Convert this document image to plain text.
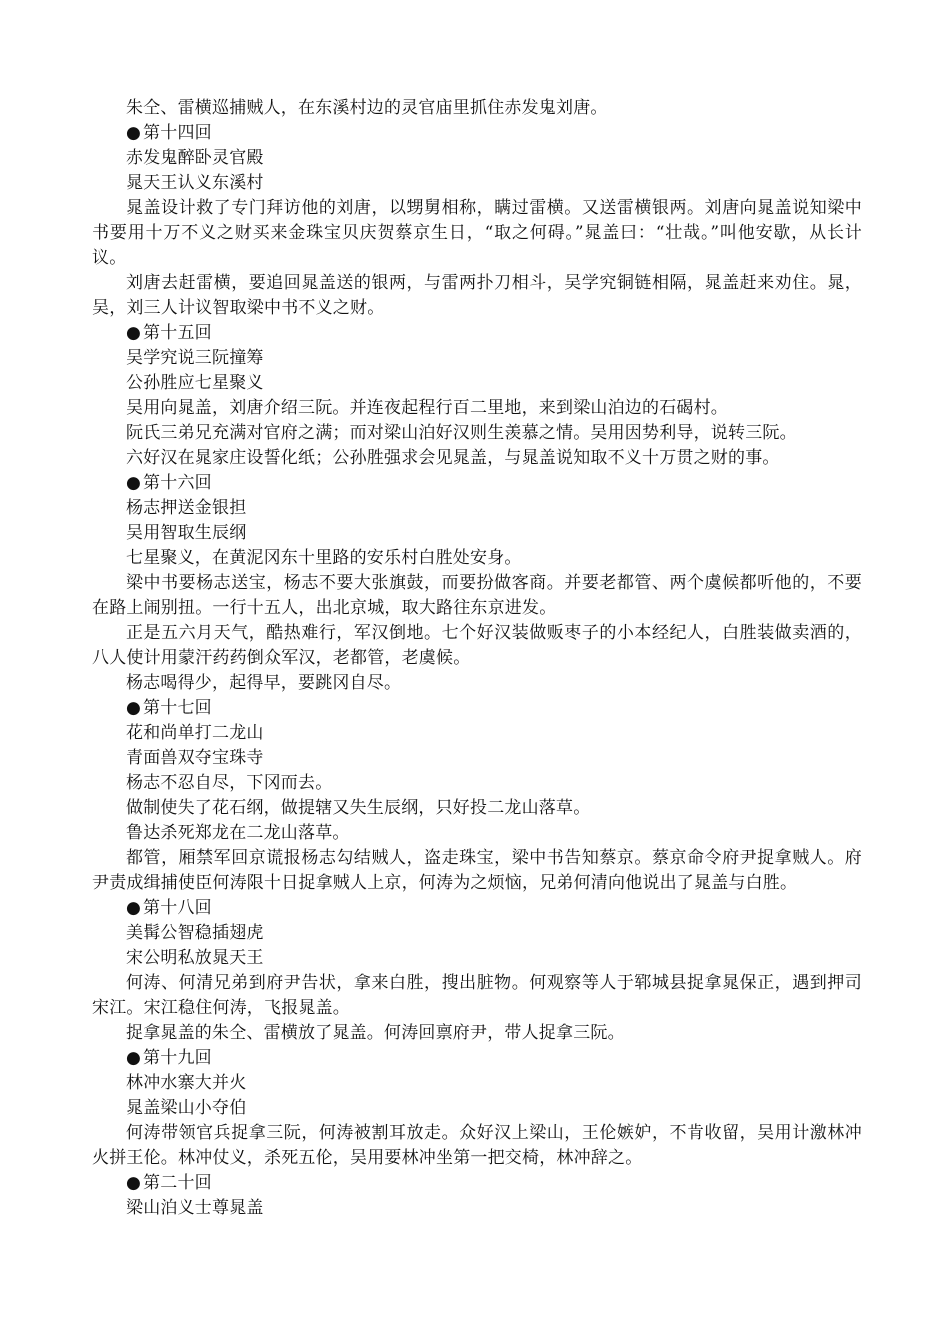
朱仝、雷横巡捕贼人，在东溪村边的灵官庙里抓住赤发鬼刘唐。

● 第十四回

赤发鬼醉卧灵官殿

晁天王认义东溪村

晁盖设计救了专门拜访他的刘唐，以甥舅相称，瞒过雷横。又送雷横银两。刘唐向晁盖说知梁中书要用十万不义之财买来金珠宝贝庆贺蔡京生日，“取之何碍。”晁盖曰：“壮哉。”叫他安歇，从长计议。

刘唐去赶雷横，要追回晁盖送的银两，与雷两扑刀相斗，吴学究铜链相隔，晁盖赶来劝住。晁，吴，刘三人计议智取梁中书不义之财。

● 第十五回

吴学究说三阮撞筹

公孙胜应七星聚义

吴用向晁盖，刘唐介绍三阮。并连夜起程行百二里地，来到梁山泊边的石碣村。

阮氏三弟兄充满对官府之满；而对梁山泊好汉则生羡慕之情。吴用因势利导，说转三阮。

六好汉在晁家庄设誓化纸；公孙胜强求会见晁盖，与晁盖说知取不义十万贯之财的事。

● 第十六回

杨志押送金银担

吴用智取生辰纲

七星聚义，在黄泥冈东十里路的安乐村白胜处安身。

梁中书要杨志送宝，杨志不要大张旗鼓，而要扮做客商。并要老都管、两个虞候都听他的，不要在路上闹别扭。一行十五人，出北京城，取大路往东京进发。

正是五六月天气，酷热难行，军汉倒地。七个好汉装做贩枣子的小本经纪人，白胜装做卖酒的，八人使计用蒙汗药药倒众军汉，老都管，老虞候。

杨志喝得少，起得早，要跳冈自尽。

● 第十七回

花和尚单打二龙山

青面兽双夺宝珠寺

杨志不忍自尽，下冈而去。

做制使失了花石纲，做提辖又失生辰纲，只好投二龙山落草。

鲁达杀死郑龙在二龙山落草。

都管，厢禁军回京谎报杨志勾结贼人，盗走珠宝，梁中书告知蔡京。蔡京命令府尹捉拿贼人。府尹责成缉捕使臣何涛限十日捉拿贼人上京，何涛为之烦恼，兄弟何清向他说出了晁盖与白胜。

● 第十八回

美髯公智稳插翅虎

宋公明私放晁天王

何涛、何清兄弟到府尹告状，拿来白胜，搜出脏物。何观察等人于郓城县捉拿晁保正，遇到押司宋江。宋江稳住何涛，飞报晁盖。

捉拿晁盖的朱仝、雷横放了晁盖。何涛回禀府尹，带人捉拿三阮。

● 第十九回

林冲水寨大并火

晁盖梁山小夺伯

何涛带领官兵捉拿三阮，何涛被割耳放走。众好汉上梁山，王伦嫉妒，不肯收留，吴用计激林冲火拼王伦。林冲仗义，杀死五伦，吴用要林冲坐第一把交椅，林冲辞之。

● 第二十回

梁山泊义士尊晁盖
